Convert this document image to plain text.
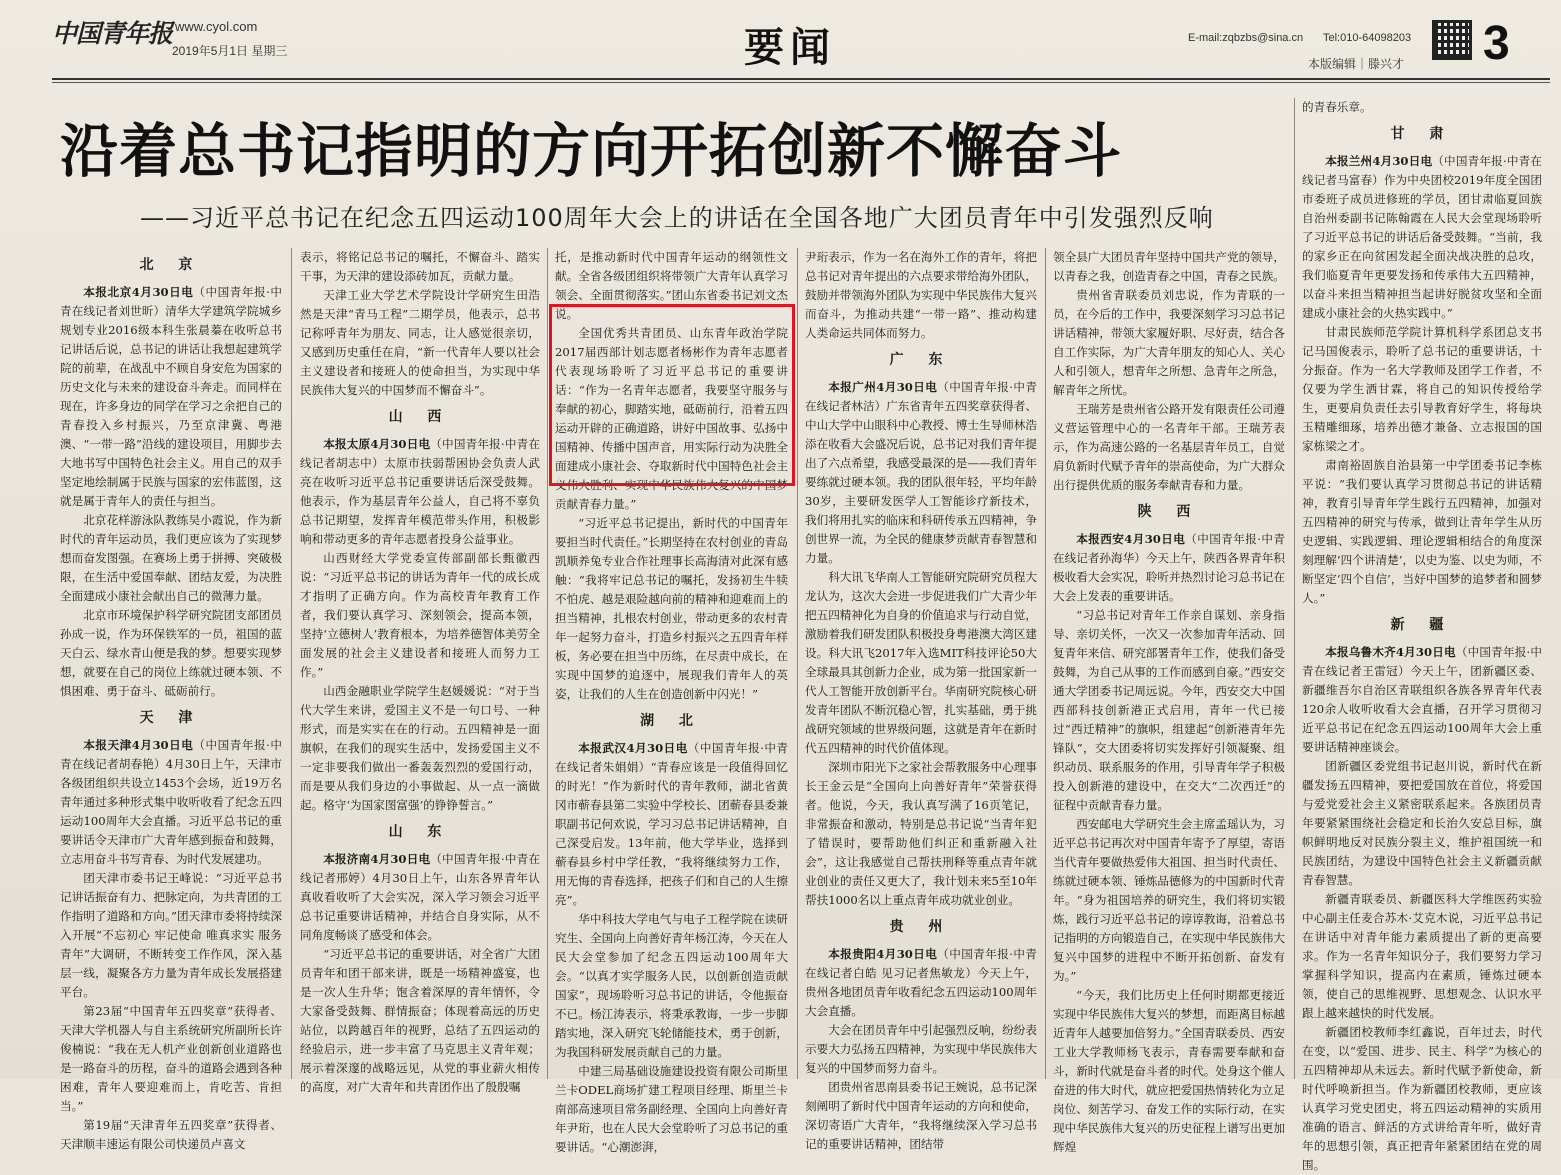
中国青年报 www.cyol.com
2019年5月1日 星期三	要闻	E-mail:zqbzbs@sina.cn Tel:010-64098203
本版编辑｜滕兴才 3
沿着总书记指明的方向开拓创新不懈奋斗
——习近平总书记在纪念五四运动100周年大会上的讲话在全国各地广大团员青年中引发强烈反响
北 京

本报北京4月30日电（中国青年报·中青在线记者刘世昕）清华大学建筑学院城乡规划专业2016级本科生张晨蓁在收听总书记讲话后说，总书记的讲话让我想起建筑学院的前辈，在战乱中不顾自身安危为国家的历史文化与未来的建设奋斗奔走。而同样在现在，许多身边的同学在学习之余把自己的青春投入乡村振兴，乃至京津冀、粤港澳、“一带一路”沿线的建设项目，用脚步去大地书写中国特色社会主义。用自己的双手坚定地绘制属于民族与国家的宏伟蓝图，这就是属于青年人的责任与担当。

北京花样游泳队教练吴小霞说，作为新时代的青年运动员，我们更应该为了实现梦想而奋发图强。在赛场上勇于拼搏、突破极限，在生活中爱国奉献、团结友爱，为决胜全面建成小康社会献出自己的微薄力量。

北京市环境保护科学研究院团支部团员孙成一说，作为环保铁军的一员，祖国的蓝天白云、绿水青山便是我的梦。想要实现梦想，就要在自己的岗位上练就过硬本领、不惧困难、勇于奋斗、砥砺前行。

天 津

本报天津4月30日电（中国青年报·中青在线记者胡春艳）4月30日上午，天津市各级团组织共设立1453个会场，近19万名青年通过多种形式集中收听收看了纪念五四运动100周年大会直播。习近平总书记的重要讲话令天津市广大青年感到振奋和鼓舞，立志用奋斗书写青春、为时代发展建功。

团天津市委书记王峰说：“习近平总书记讲话振奋有力、把脉定向，为共青团的工作指明了道路和方向。”团天津市委将持续深入开展“不忘初心 牢记使命 唯真求实 服务青年”大调研，不断转变工作作风，深入基层一线，凝聚各方力量为青年成长发展搭建平台。

第23届“中国青年五四奖章”获得者、天津大学机器人与自主系统研究所副所长许俊楠说：“我在无人机产业创新创业道路也是一路奋斗的历程，奋斗的道路会遇到各种困难，青年人要迎难而上，肯吃苦、肯担当。”

第19届“天津青年五四奖章”获得者、天津顺丰速运有限公司快递员卢喜文

表示，将铭记总书记的嘱托，不懈奋斗、踏实干事，为天津的建设添砖加瓦，贡献力量。

天津工业大学艺术学院设计学研究生田浩然是天津“青马工程”二期学员，他表示，总书记称呼青年为朋友、同志，让人感觉很亲切，又感到历史重任在肩，“新一代青年人要以社会主义建设者和接班人的使命担当，为实现中华民族伟大复兴的中国梦而不懈奋斗”。

山 西

本报太原4月30日电（中国青年报·中青在线记者胡志中）太原市扶弱帮困协会负责人武亮在收听习近平总书记重要讲话后深受鼓舞。他表示，作为基层青年公益人，自己将不辜负总书记期望，发挥青年模范带头作用，积极影响和带动更多的青年志愿者投身公益事业。

山西财经大学党委宣传部副部长甄徽西说：“习近平总书记的讲话为青年一代的成长成才指明了正确方向。作为高校青年教育工作者，我们要认真学习、深刻领会，提高本领，坚持‘立德树人’教育根本，为培养德智体美劳全面发展的社会主义建设者和接班人而努力工作。”

山西金融职业学院学生赵媛媛说：“对于当代大学生来讲，爱国主义不是一句口号、一种形式，而是实实在在的行动。五四精神是一面旗帜，在我们的现实生活中，发扬爱国主义不一定非要我们做出一番轰轰烈烈的爱国行动，而是要从我们身边的小事做起、从一点一滴做起。格守‘为国家图富强’的铮铮誓言。”

山 东

本报济南4月30日电（中国青年报·中青在线记者邢婷）4月30日上午，山东各界青年认真收看收听了大会实况，深入学习领会习近平总书记重要讲话精神，并结合自身实际，从不同角度畅谈了感受和体会。

“习近平总书记的重要讲话，对全省广大团员青年和团干部来讲，既是一场精神盛宴，也是一次人生升华；饱含着深厚的青年情怀，令大家备受鼓舞、群情振奋；体现着高远的历史站位，以跨越百年的视野，总结了五四运动的经验启示，进一步丰富了马克思主义青年观；展示着深邃的战略远见，从党的事业薪火相传的高度，对广大青年和共青团作出了殷殷嘱

托，是推动新时代中国青年运动的纲领性文献。全省各级团组织将带领广大青年认真学习领会、全面贯彻落实。”团山东省委书记刘文杰说。

全国优秀共青团员、山东青年政治学院2017届西部计划志愿者杨彬作为青年志愿者代表现场聆听了习近平总书记的重要讲话：“作为一名青年志愿者，我要坚守服务与奉献的初心，脚踏实地，砥砺前行，沿着五四运动开辟的正确道路，讲好中国故事、弘扬中国精神、传播中国声音，用实际行动为决胜全面建成小康社会、夺取新时代中国特色社会主义伟大胜利、实现中华民族伟大复兴的中国梦贡献青春力量。”

“习近平总书记提出，新时代的中国青年要担当时代责任。”长期坚持在农村创业的青岛凯顺养兔专业合作社理事长高海清对此深有感触：“我将牢记总书记的嘱托，发扬初生牛犊不怕虎、越是艰险越向前的精神和迎难而上的担当精神，扎根农村创业，带动更多的农村青年一起努力奋斗，打造乡村振兴之五四青年样板，务必要在担当中历练，在尽责中成长，在实现中国梦的追逐中，展现我们青年人的英姿，让我们的人生在创造创新中闪光！”

湖 北

本报武汉4月30日电（中国青年报·中青在线记者朱娟娟）“青春应该是一段值得回忆的时光！”作为新时代的青年教师，湖北省黄冈市蕲春县第二实验中学校长、团蕲春县委兼职副书记何欢说，学习习总书记讲话精神，自己深受启发。13年前，他大学毕业，选择到蕲春县乡村中学任教，“我将继续努力工作，用无悔的青春选择，把孩子们和自己的人生擦亮”。

华中科技大学电气与电子工程学院在读研究生、全国向上向善好青年杨江涛，今天在人民大会堂参加了纪念五四运动100周年大会。“以真才实学服务人民，以创新创造贡献国家”，现场聆听习总书记的讲话，令他振奋不已。杨江涛表示，将秉承教诲，一步一步脚踏实地，深入研究飞轮储能技术，勇于创新，为我国科研发展贡献自己的力量。

中建三局基础设施建设投资有限公司斯里兰卡ODEL商场扩建工程项目经理、斯里兰卡南部高速项目常务副经理、全国向上向善好青年尹珩，也在人民大会堂聆听了习总书记的重要讲话。“心潮澎湃，

尹珩表示，作为一名在海外工作的青年，将把总书记对青年提出的六点要求带给海外团队，鼓励并带领海外团队为实现中华民族伟大复兴而奋斗，为推动共建“一带一路”、推动构建人类命运共同体而努力。

广 东

本报广州4月30日电（中国青年报·中青在线记者林洁）广东省青年五四奖章获得者、中山大学中山眼科中心教授、博士生导师林浩添在收看大会盛况后说，总书记对我们青年提出了六点希望，我感受最深的是——我们青年要练就过硬本领。我的团队很年轻，平均年龄30岁，主要研发医学人工智能诊疗新技术，我们将用扎实的临床和科研传承五四精神，争创世界一流，为全民的健康梦贡献青春智慧和力量。

科大讯飞华南人工智能研究院研究员程大龙认为，这次大会进一步促进我们广大青少年把五四精神化为自身的价值追求与行动自觉，激励着我们研发团队积极投身粤港澳大湾区建设。科大讯飞2017年入选MIT科技评论50大全球最具其创新力企业，成为第一批国家新一代人工智能开放创新平台。华南研究院核心研发青年团队不断沉稳心智，扎实基础，勇于挑战研究领域的世界级问题，这就是青年在新时代五四精神的时代价值体现。

深圳市阳光下之家社会帮教服务中心理事长王金云是“全国向上向善好青年”荣誉获得者。他说，今天，我认真写满了16页笔记，非常振奋和激动，特别是总书记说“当青年犯了错误时，要帮助他们纠正和重新融入社会”，这让我感觉自己帮扶刑释等重点青年就业创业的责任又更大了，我计划未来5至10年帮扶1000名以上重点青年成功就业创业。

贵 州

本报贵阳4月30日电（中国青年报·中青在线记者白皓 见习记者焦敏龙）今天上午，贵州各地团员青年收看纪念五四运动100周年大会直播。

大会在团员青年中引起强烈反响，纷纷表示要大力弘扬五四精神，为实现中华民族伟大复兴的中国梦而努力奋斗。

团贵州省思南县委书记王婉说，总书记深刻阐明了新时代中国青年运动的方向和使命，深切寄语广大青年，“我将继续深入学习总书记的重要讲话精神，团结带

领全县广大团员青年坚持中国共产党的领导，以青春之我，创造青春之中国，青春之民族。

贵州省青联委员刘忠说，作为青联的一员，在今后的工作中，我要深刻学习习总书记讲话精神，带领大家履好职、尽好责，结合各自工作实际，为广大青年朋友的知心人、关心人和引领人，想青年之所想、急青年之所急，解青年之所忧。

王瑞芳是贵州省公路开发有限责任公司遵义营运管理中心的一名青年干部。王瑞芳表示，作为高速公路的一名基层青年员工，自觉肩负新时代赋予青年的崇高使命，为广大群众出行提供优质的服务奉献青春和力量。

陕 西

本报西安4月30日电（中国青年报·中青在线记者孙海华）今天上午，陕西各界青年积极收看大会实况，聆听并热烈讨论习总书记在大会上发表的重要讲话。

“习总书记对青年工作亲自谋划、亲身指导、亲切关怀，一次又一次参加青年活动、回复青年来信、研究部署青年工作，使我们备受鼓舞，为自己从事的工作而感到自豪。”西安交通大学团委书记周远说。今年，西安交大中国西部科技创新港正式启用，青年一代已接过“西迁精神”的旗帜，组建起“创新港青年先锋队”，交大团委将切实发挥好引领凝聚、组织动员、联系服务的作用，引导青年学子积极投入创新港的建设中，在交大“二次西迁”的征程中贡献青春力量。

西安邮电大学研究生会主席孟瑶认为，习近平总书记再次对中国青年寄予了厚望，寄语当代青年要做热爱伟大祖国、担当时代责任、练就过硬本领、锤炼品德修为的中国新时代青年。“身为祖国培养的研究生，我们将切实锻炼，践行习近平总书记的谆谆教诲，沿着总书记指明的方向锻造自己，在实现中华民族伟大复兴中国梦的进程中不断开拓创新、奋发有为。”

“今天，我们比历史上任何时期都更接近实现中华民族伟大复兴的梦想，而距离目标越近青年人越要加倍努力。”全国青联委员、西安工业大学教师杨飞表示，青春需要奉献和奋斗，新时代就是奋斗者的时代。处身这个催人奋进的伟大时代，就应把爱国热情转化为立足岗位、刻苦学习、奋发工作的实际行动，在实现中华民族伟大复兴的历史征程上谱写出更加辉煌

的青春乐章。

甘 肃

本报兰州4月30日电（中国青年报·中青在线记者马富春）作为中央团校2019年度全国团市委班子成员进修班的学员，团甘肃临夏回族自治州委副书记陈翰霞在人民大会堂现场聆听了习近平总书记的讲话后备受鼓舞。“当前，我的家乡正在向贫困发起全面决战决胜的总攻，我们临夏青年更要发扬和传承伟大五四精神，以奋斗来担当精神担当起讲好脱贫攻坚和全面建成小康社会的火热实践中。”

甘肃民族师范学院计算机科学系团总支书记马国俊表示，聆听了总书记的重要讲话，十分振奋。作为一名大学教师及团学工作者，不仅要为学生洒甘霖，将自己的知识传授给学生，更要肩负责任去引导教育好学生，将每块玉精雕细琢，培养出德才兼备、立志报国的国家栋梁之才。

肃南裕固族自治县第一中学团委书记李栋平说：“我们要认真学习贯彻总书记的讲话精神，教育引导青年学生践行五四精神，加强对五四精神的研究与传承，做到让青年学生从历史逻辑、实践逻辑、理论逻辑相结合的角度深刻理解‘四个讲清楚’，以史为鉴、以史为师，不断坚定‘四个自信’，当好中国梦的追梦者和圆梦人。”

新 疆

本报乌鲁木齐4月30日电（中国青年报·中青在线记者王雷冠）今天上午，团新疆区委、新疆维吾尔自治区青联组织各族各界青年代表120余人收听收看大会直播，召开学习贯彻习近平总书记在纪念五四运动100周年大会上重要讲话精神座谈会。

团新疆区委党组书记赵川说，新时代在新疆发扬五四精神，要把爱国放在首位，将爱国与爱党爱社会主义紧密联系起来。各族团员青年要紧紧围绕社会稳定和长治久安总目标，旗帜鲜明地反对民族分裂主义，维护祖国统一和民族团结，为建设中国特色社会主义新疆贡献青春智慧。

新疆青联委员、新疆医科大学维医药实验中心副主任麦合苏木·艾克木说，习近平总书记在讲话中对青年能力素质提出了新的更高要求。作为一名青年知识分子，我们要努力学习掌握科学知识，提高内在素质，锤炼过硬本领，使自己的思维视野、思想观念、认识水平跟上越来越快的时代发展。

新疆团校教师李红鑫说，百年过去，时代在变，以“爱国、进步、民主、科学”为核心的五四精神却从未远去。新时代赋予新使命，新时代呼唤新担当。作为新疆团校教师，更应该认真学习党史团史，将五四运动精神的实质用准确的语言、鲜活的方式讲给青年听，做好青年的思想引领，真正把青年紧紧团结在党的周围。
